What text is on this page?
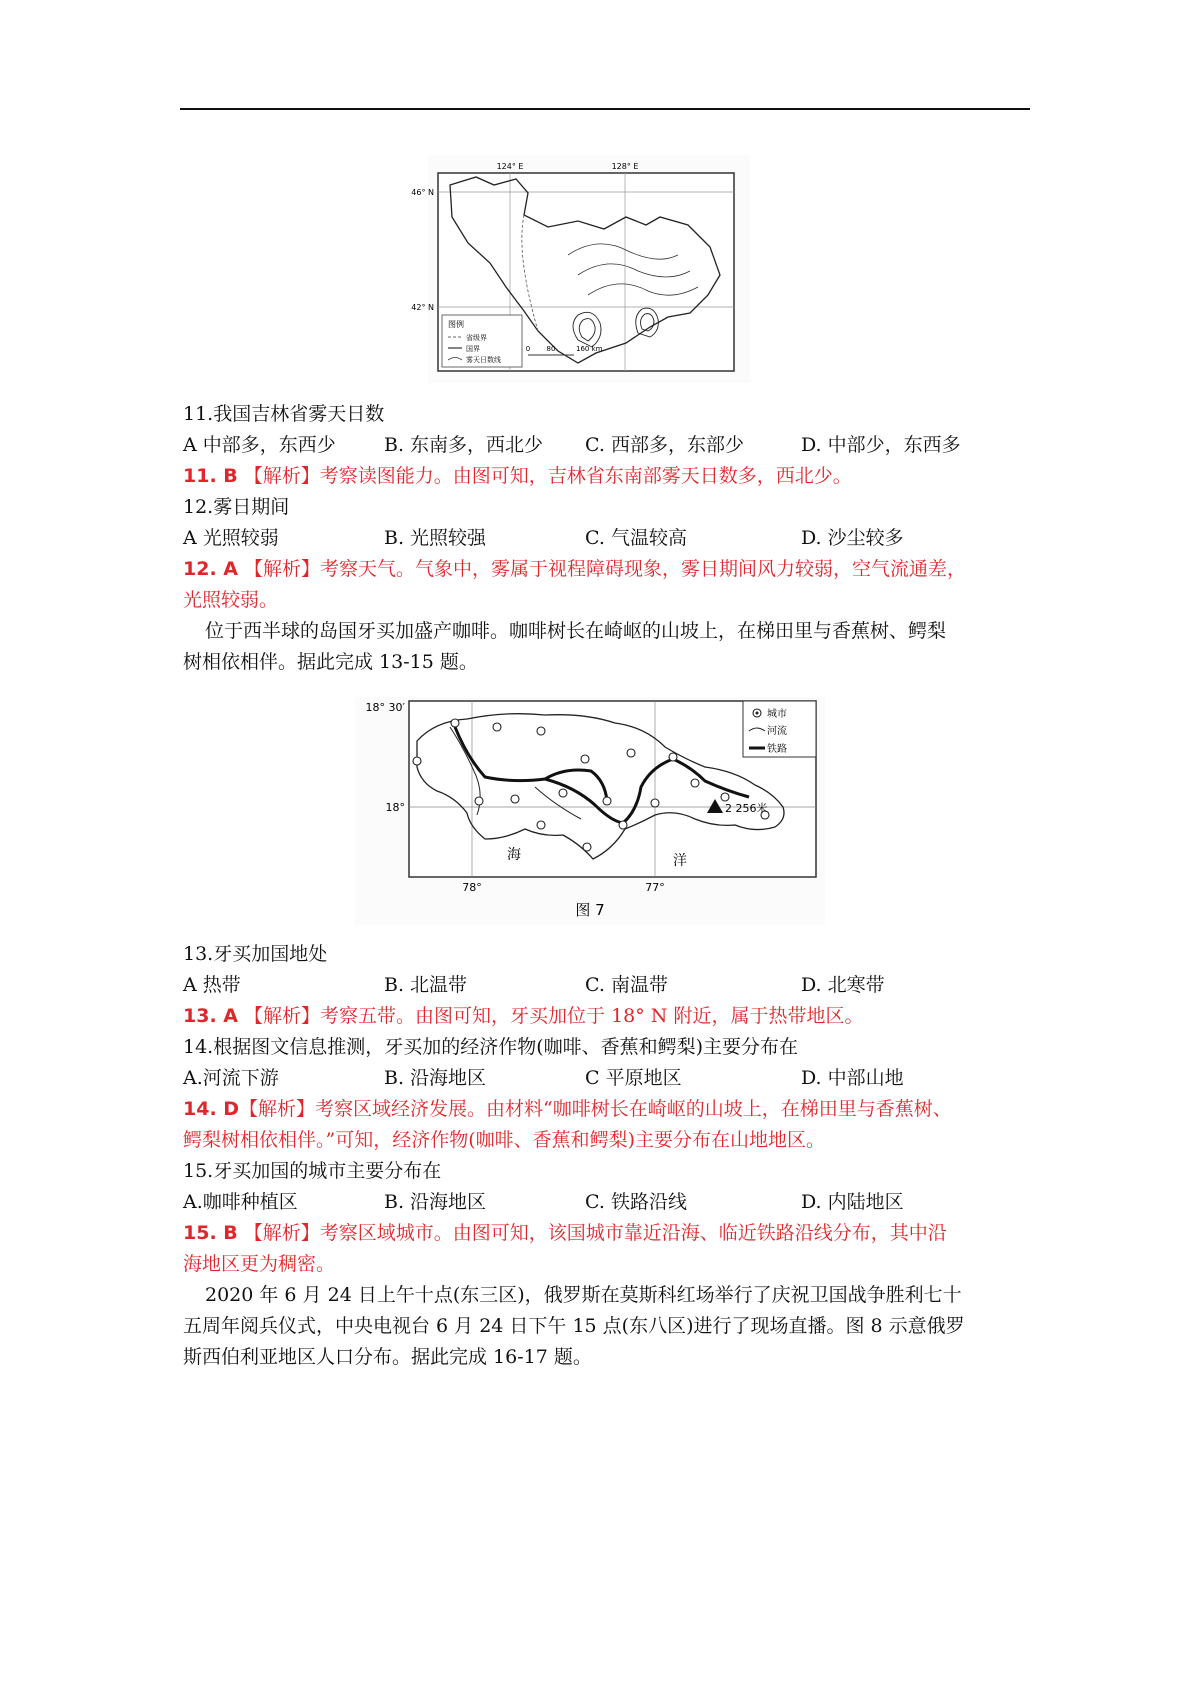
124° E	128° E
46° N
42° N
图例
省级界
国界
雾天日数线
0 80	160 km
11.我国吉林省雾天日数
A 中部多，东西少	B. 东南多，西北少	C. 西部多，东部少	D. 中部少，东西多
11. B 【解析】考察读图能力。由图可知，吉林省东南部雾天日数多，西北少。
12.雾日期间
A 光照较弱	B. 光照较强	C. 气温较高	D. 沙尘较多
12. A 【解析】考察天气。气象中，雾属于视程障碍现象，雾日期间风力较弱，空气流通差，
光照较弱。
位于西半球的岛国牙买加盛产咖啡。咖啡树长在崎岖的山坡上，在梯田里与香蕉树、鳄梨
树相依相伴。据此完成 13-15 题。
18° 30′
18°
78°	77°
2 256米
海	洋
城市
河流
铁路
图 7
13.牙买加国地处
A 热带	B. 北温带	C. 南温带	D. 北寒带
13. A 【解析】考察五带。由图可知，牙买加位于 18° N 附近，属于热带地区。
14.根据图文信息推测，牙买加的经济作物(咖啡、香蕉和鳄梨)主要分布在
A.河流下游	B. 沿海地区	C 平原地区	D. 中部山地
14. D【解析】考察区域经济发展。由材料“咖啡树长在崎岖的山坡上，在梯田里与香蕉树、
鳄梨树相依相伴。”可知，经济作物(咖啡、香蕉和鳄梨)主要分布在山地地区。
15.牙买加国的城市主要分布在
A.咖啡种植区	B. 沿海地区	C. 铁路沿线	D. 内陆地区
15. B 【解析】考察区域城市。由图可知，该国城市靠近沿海、临近铁路沿线分布，其中沿
海地区更为稠密。
2020 年 6 月 24 日上午十点(东三区)，俄罗斯在莫斯科红场举行了庆祝卫国战争胜利七十
五周年阅兵仪式，中央电视台 6 月 24 日下午 15 点(东八区)进行了现场直播。图 8 示意俄罗
斯西伯利亚地区人口分布。据此完成 16-17 题。
